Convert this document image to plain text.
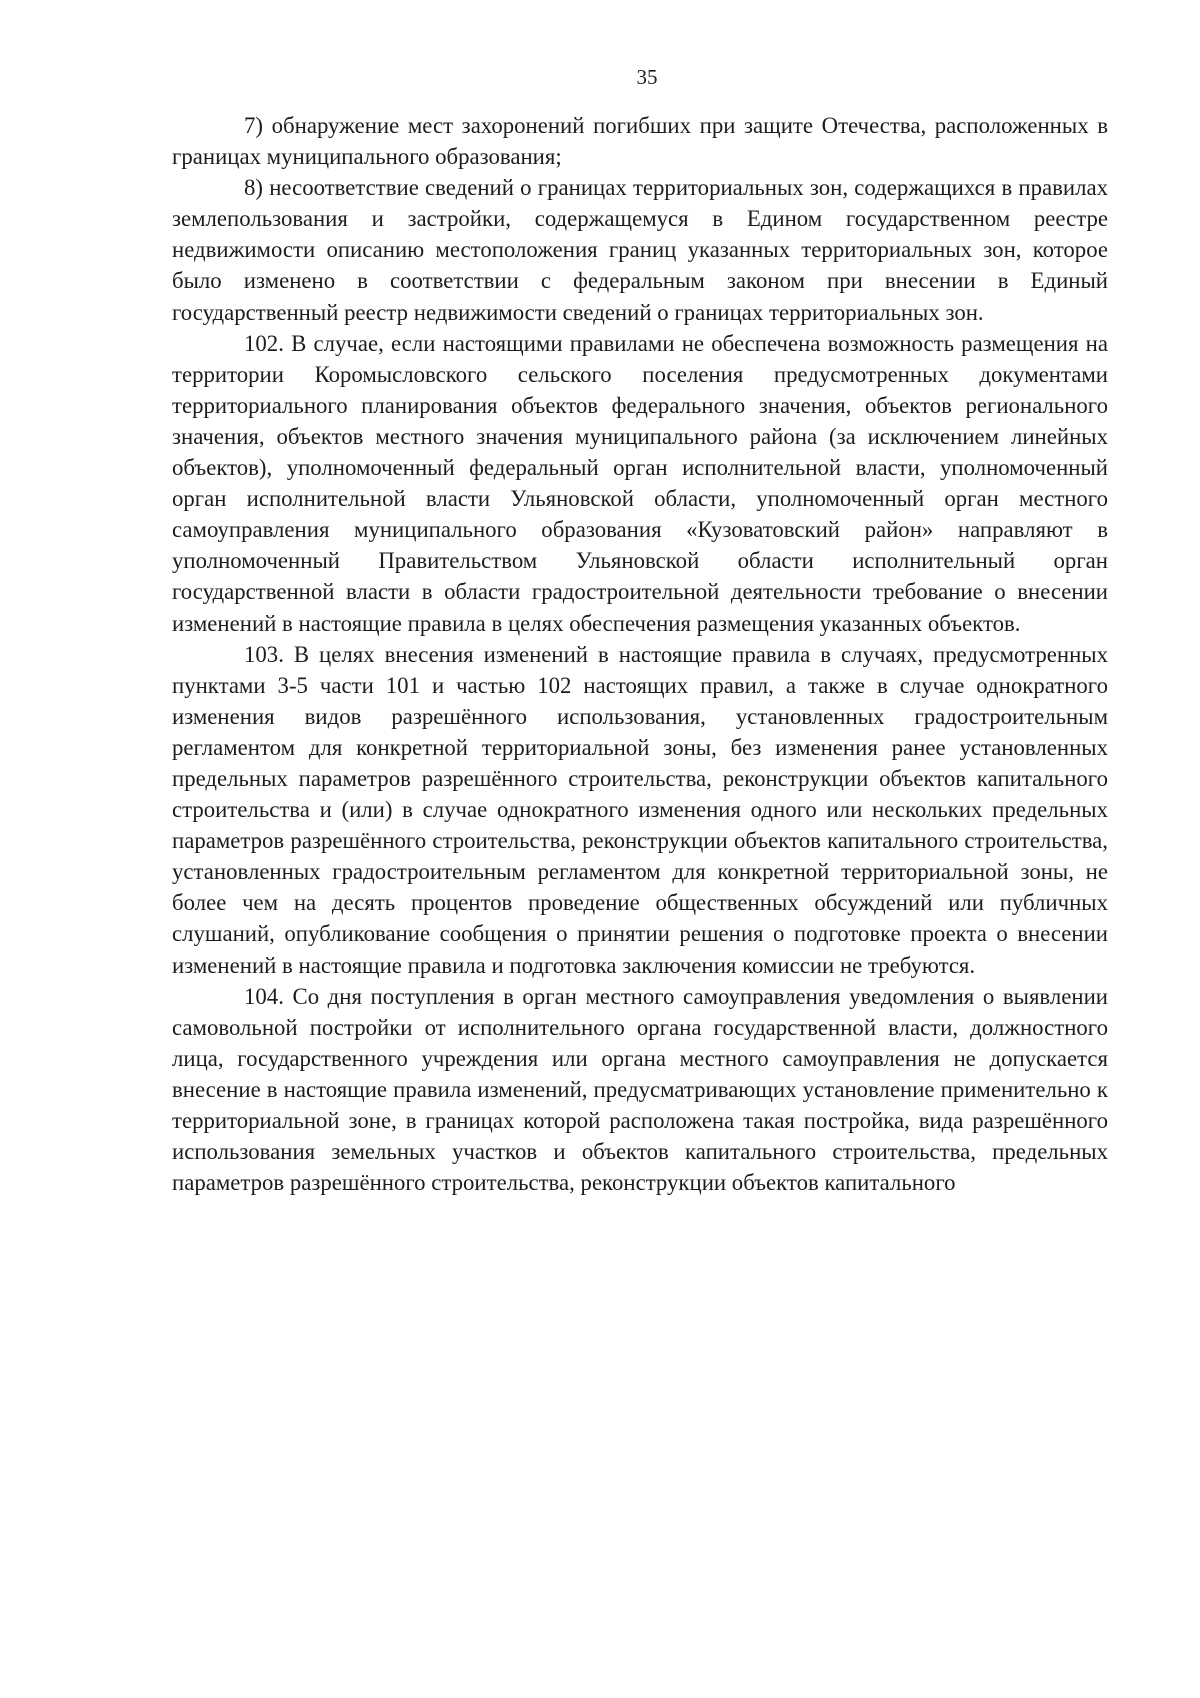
35

7) обнаружение мест захоронений погибших при защите Отечества, расположенных в границах муниципального образования;

8) несоответствие сведений о границах территориальных зон, содержащихся в правилах землепользования и застройки, содержащемуся в Едином государственном реестре недвижимости описанию местоположения границ указанных территориальных зон, которое было изменено в соответствии с федеральным законом при внесении в Единый государственный реестр недвижимости сведений о границах территориальных зон.

102. В случае, если настоящими правилами не обеспечена возможность размещения на территории Коромысловского сельского поселения предусмотренных документами территориального планирования объектов федерального значения, объектов регионального значения, объектов местного значения муниципального района (за исключением линейных объектов), уполномоченный федеральный орган исполнительной власти, уполномоченный орган исполнительной власти Ульяновской области, уполномоченный орган местного самоуправления муниципального образования «Кузоватовский район» направляют в уполномоченный Правительством Ульяновской области исполнительный орган государственной власти в области градостроительной деятельности требование о внесении изменений в настоящие правила в целях обеспечения размещения указанных объектов.

103. В целях внесения изменений в настоящие правила в случаях, предусмотренных пунктами 3-5 части 101 и частью 102 настоящих правил, а также в случае однократного изменения видов разрешённого использования, установленных градостроительным регламентом для конкретной территориальной зоны, без изменения ранее установленных предельных параметров разрешённого строительства, реконструкции объектов капитального строительства и (или) в случае однократного изменения одного или нескольких предельных параметров разрешённого строительства, реконструкции объектов капитального строительства, установленных градостроительным регламентом для конкретной территориальной зоны, не более чем на десять процентов проведение общественных обсуждений или публичных слушаний, опубликование сообщения о принятии решения о подготовке проекта о внесении изменений в настоящие правила и подготовка заключения комиссии не требуются.

104. Со дня поступления в орган местного самоуправления уведомления о выявлении самовольной постройки от исполнительного органа государственной власти, должностного лица, государственного учреждения или органа местного самоуправления не допускается внесение в настоящие правила изменений, предусматривающих установление применительно к территориальной зоне, в границах которой расположена такая постройка, вида разрешённого использования земельных участков и объектов капитального строительства, предельных параметров разрешённого строительства, реконструкции объектов капитального
